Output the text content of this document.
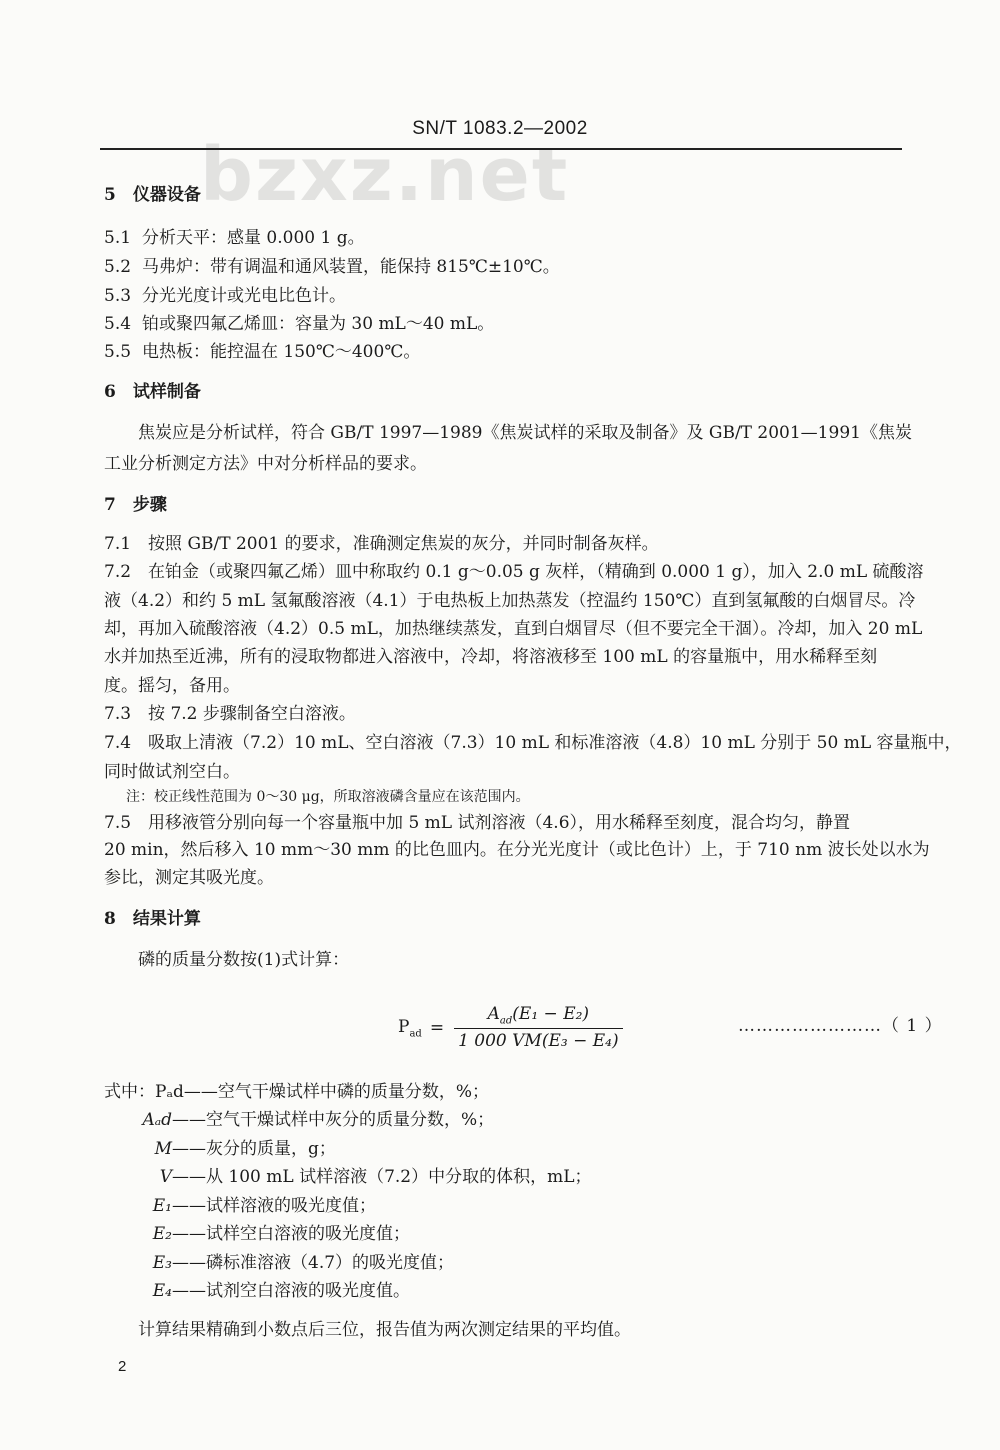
bzxz.net
SN/T 1083.2—2002
5　仪器设备
5.1 分析天平：感量 0.000 1 g。
5.2 马弗炉：带有调温和通风装置，能保持 815℃±10℃。
5.3 分光光度计或光电比色计。
5.4 铂或聚四氟乙烯皿：容量为 30 mL～40 mL。
5.5 电热板：能控温在 150℃～400℃。
6　试样制备
焦炭应是分析试样，符合 GB/T 1997—1989《焦炭试样的采取及制备》及 GB/T 2001—1991《焦炭
工业分析测定方法》中对分析样品的要求。
7　步骤
7.1　按照 GB/T 2001 的要求，准确测定焦炭的灰分，并同时制备灰样。
7.2　在铂金（或聚四氟乙烯）皿中称取约 0.1 g～0.05 g 灰样，（精确到 0.000 1 g），加入 2.0 mL 硫酸溶
液（4.2）和约 5 mL 氢氟酸溶液（4.1）于电热板上加热蒸发（控温约 150℃）直到氢氟酸的白烟冒尽。冷
却，再加入硫酸溶液（4.2）0.5 mL，加热继续蒸发，直到白烟冒尽（但不要完全干涸）。冷却，加入 20 mL
水并加热至近沸，所有的浸取物都进入溶液中，冷却，将溶液移至 100 mL 的容量瓶中，用水稀释至刻
度。摇匀，备用。
7.3　按 7.2 步骤制备空白溶液。
7.4　吸取上清液（7.2）10 mL、空白溶液（7.3）10 mL 和标准溶液（4.8）10 mL 分别于 50 mL 容量瓶中，
同时做试剂空白。
注：校正线性范围为 0～30 μg，所取溶液磷含量应在该范围内。
7.5　用移液管分别向每一个容量瓶中加 5 mL 试剂溶液（4.6），用水稀释至刻度，混合均匀，静置
20 min，然后移入 10 mm～30 mm 的比色皿内。在分光光度计（或比色计）上，于 710 nm 波长处以水为
参比，测定其吸光度。
8　结果计算
磷的质量分数按(1)式计算：
$P_{ad} = \frac{A_{ad}(E_1 - E_2)}{\text{1 000 VM(E₃ − E₄)}}$	……………………（ 1 ）
式中：Pₐd——空气干燥试样中磷的质量分数，%；
Aₐd——空气干燥试样中灰分的质量分数，%；
M——灰分的质量，g；
V——从 100 mL 试样溶液（7.2）中分取的体积，mL；
E₁——试样溶液的吸光度值；
E₂——试样空白溶液的吸光度值；
E₃——磷标准溶液（4.7）的吸光度值；
E₄——试剂空白溶液的吸光度值。
计算结果精确到小数点后三位，报告值为两次测定结果的平均值。
2
